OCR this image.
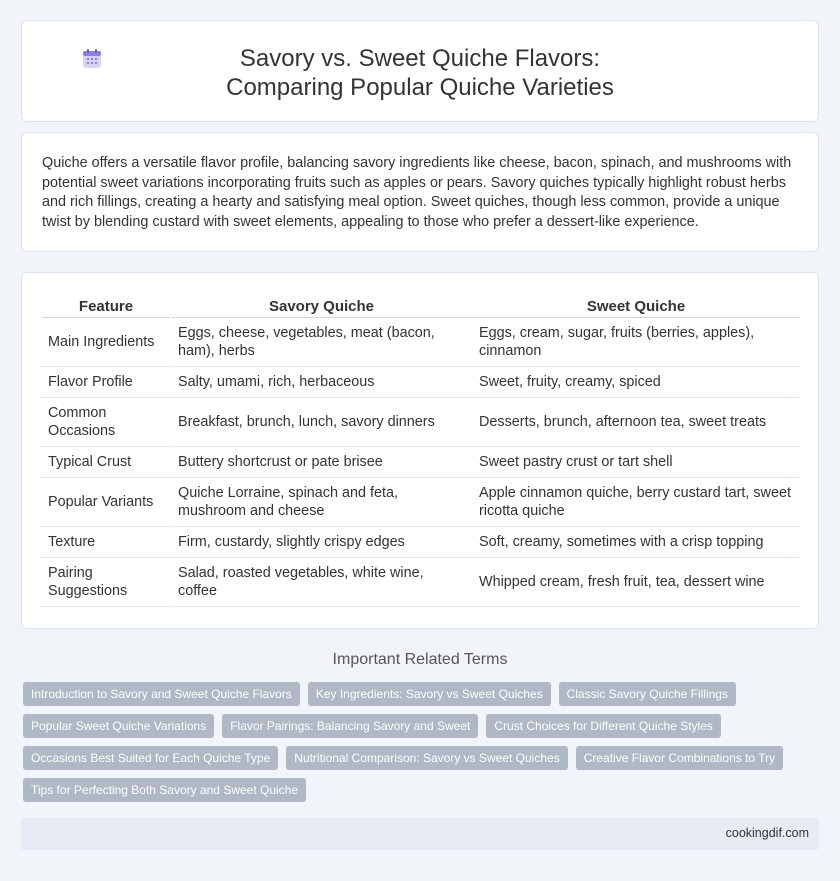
Savory vs. Sweet Quiche Flavors: Comparing Popular Quiche Varieties

Quiche offers a versatile flavor profile, balancing savory ingredients like cheese, bacon, spinach, and mushrooms with potential sweet variations incorporating fruits such as apples or pears. Savory quiches typically highlight robust herbs and rich fillings, creating a hearty and satisfying meal option. Sweet quiches, though less common, provide a unique twist by blending custard with sweet elements, appealing to those who prefer a dessert-like experience.

Feature	Savory Quiche	Sweet Quiche
Main Ingredients	Eggs, cheese, vegetables, meat (bacon, ham), herbs	Eggs, cream, sugar, fruits (berries, apples), cinnamon
Flavor Profile	Salty, umami, rich, herbaceous	Sweet, fruity, creamy, spiced
Common Occasions	Breakfast, brunch, lunch, savory dinners	Desserts, brunch, afternoon tea, sweet treats
Typical Crust	Buttery shortcrust or pate brisee	Sweet pastry crust or tart shell
Popular Variants	Quiche Lorraine, spinach and feta, mushroom and cheese	Apple cinnamon quiche, berry custard tart, sweet ricotta quiche
Texture	Firm, custardy, slightly crispy edges	Soft, creamy, sometimes with a crisp topping
Pairing Suggestions	Salad, roasted vegetables, white wine, coffee	Whipped cream, fresh fruit, tea, dessert wine
Important Related Terms
Introduction to Savory and Sweet Quiche Flavors	Key Ingredients: Savory vs Sweet Quiches	Classic Savory Quiche Fillings
Popular Sweet Quiche Variations	Flavor Pairings: Balancing Savory and Sweet	Crust Choices for Different Quiche Styles
Occasions Best Suited for Each Quiche Type	Nutritional Comparison: Savory vs Sweet Quiches	Creative Flavor Combinations to Try
Tips for Perfecting Both Savory and Sweet Quiche
cookingdif.com
